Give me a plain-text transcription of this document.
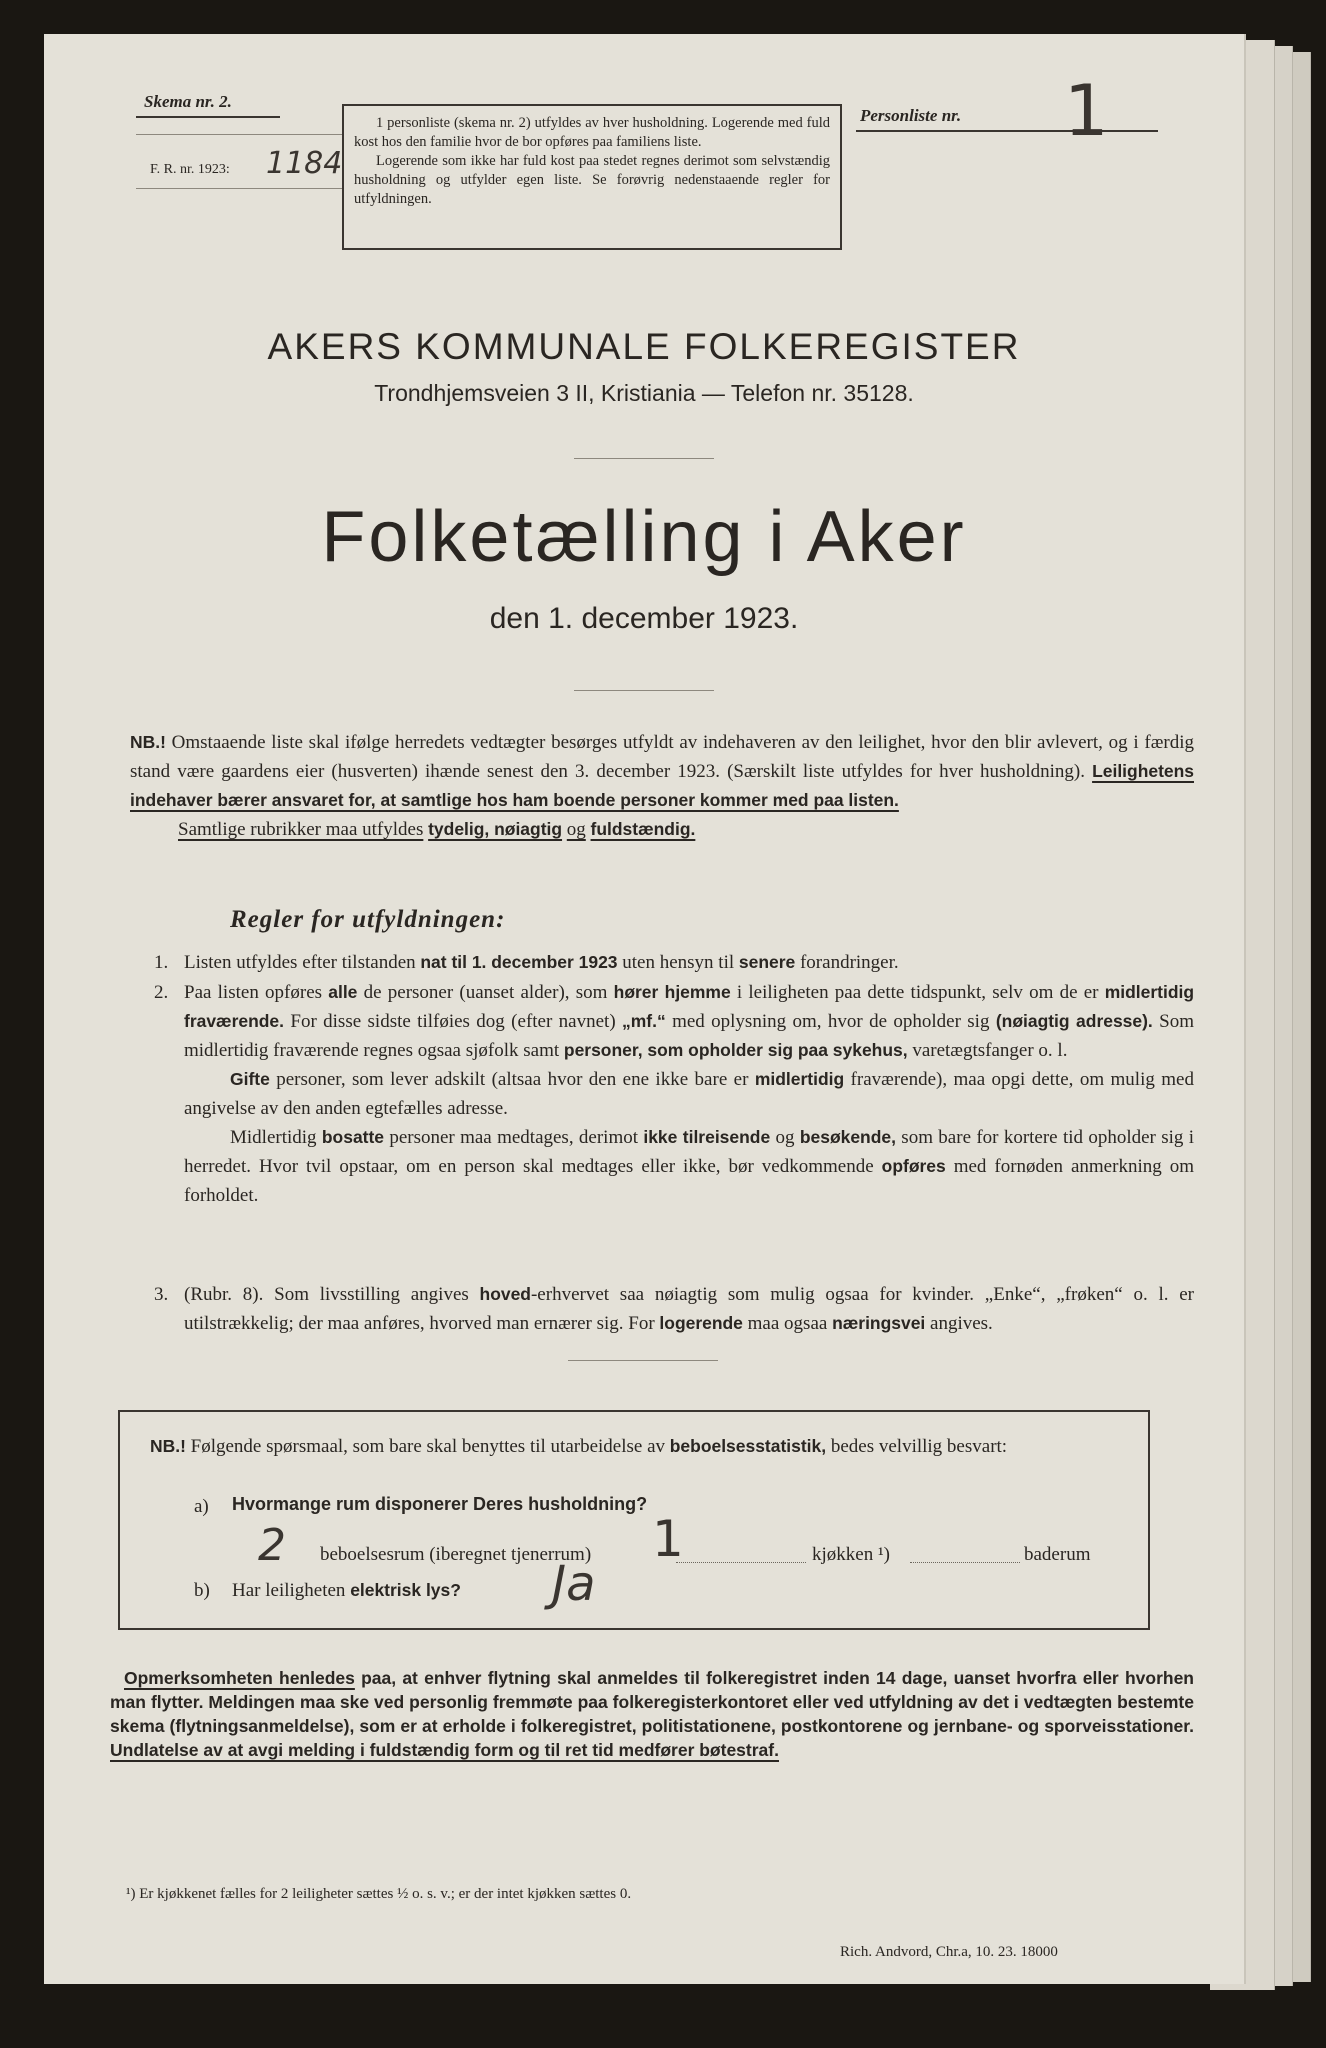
Skema nr. 2.
F. R. nr. 1923: 1184

1 personliste (skema nr. 2) utfyldes av hver husholdning. Logerende med fuld kost hos den familie hvor de bor opføres paa familiens liste.

Logerende som ikke har fuld kost paa stedet regnes derimot som selvstændig husholdning og utfylder egen liste. Se forøvrig nedenstaaende regler for utfyldningen.

Personliste nr. 1
AKERS KOMMUNALE FOLKEREGISTER
Trondhjemsveien 3 II, Kristiania — Telefon nr. 35128.
Folketælling i Aker
den 1. december 1923.
NB.! Omstaaende liste skal ifølge herredets vedtægter besørges utfyldt av indehaveren av den leilighet, hvor den blir avlevert, og i færdig stand være gaardens eier (husverten) ihænde senest den 3. december 1923. (Særskilt liste utfyldes for hver husholdning). Leilighetens indehaver bærer ansvaret for, at samtlige hos ham boende personer kommer med paa listen.
Samtlige rubrikker maa utfyldes tydelig, nøiagtig og fuldstændig.
Regler for utfyldningen:
1. Listen utfyldes efter tilstanden nat til 1. december 1923 uten hensyn til senere forandringer.
2. Paa listen opføres alle de personer (uanset alder), som hører hjemme i leiligheten paa dette tidspunkt, selv om de er midlertidig fraværende. For disse sidste tilføies dog (efter navnet) „mf.“ med oplysning om, hvor de opholder sig (nøiagtig adresse). Som midlertidig fraværende regnes ogsaa sjøfolk samt personer, som opholder sig paa sykehus, varetægtsfanger o. l.
Gifte personer, som lever adskilt (altsaa hvor den ene ikke bare er midlertidig fraværende), maa opgi dette, om mulig med angivelse av den anden egtefælles adresse.
Midlertidig bosatte personer maa medtages, derimot ikke tilreisende og besøkende, som bare for kortere tid opholder sig i herredet. Hvor tvil opstaar, om en person skal medtages eller ikke, bør vedkommende opføres med fornøden anmerkning om forholdet.
3. (Rubr. 8). Som livsstilling angives hoved-erhvervet saa nøiagtig som mulig ogsaa for kvinder. „Enke“, „frøken“ o. l. er utilstrækkelig; der maa anføres, hvorved man ernærer sig. For logerende maa ogsaa næringsvei angives.
NB.! Følgende spørsmaal, som bare skal benyttes til utarbeidelse av beboelsesstatistik, bedes velvillig besvart:
a) Hvormange rum disponerer Deres husholdning?
2 beboelsesrum (iberegnet tjenerrum) 1	kjøkken ¹)	baderum
b) Har leiligheten elektrisk lys? Ja
Opmerksomheten henledes paa, at enhver flytning skal anmeldes til folkeregistret inden 14 dage, uanset hvorfra eller hvorhen man flytter. Meldingen maa ske ved personlig fremmøte paa folkeregisterkontoret eller ved utfyldning av det i vedtægten bestemte skema (flytningsanmeldelse), som er at erholde i folkeregistret, politistationene, postkontorene og jernbane- og sporveisstationer. Undlatelse av at avgi melding i fuldstændig form og til ret tid medfører bøtestraf.
¹) Er kjøkkenet fælles for 2 leiligheter sættes ½ o. s. v.; er der intet kjøkken sættes 0.
Rich. Andvord, Chr.a, 10. 23. 18000
